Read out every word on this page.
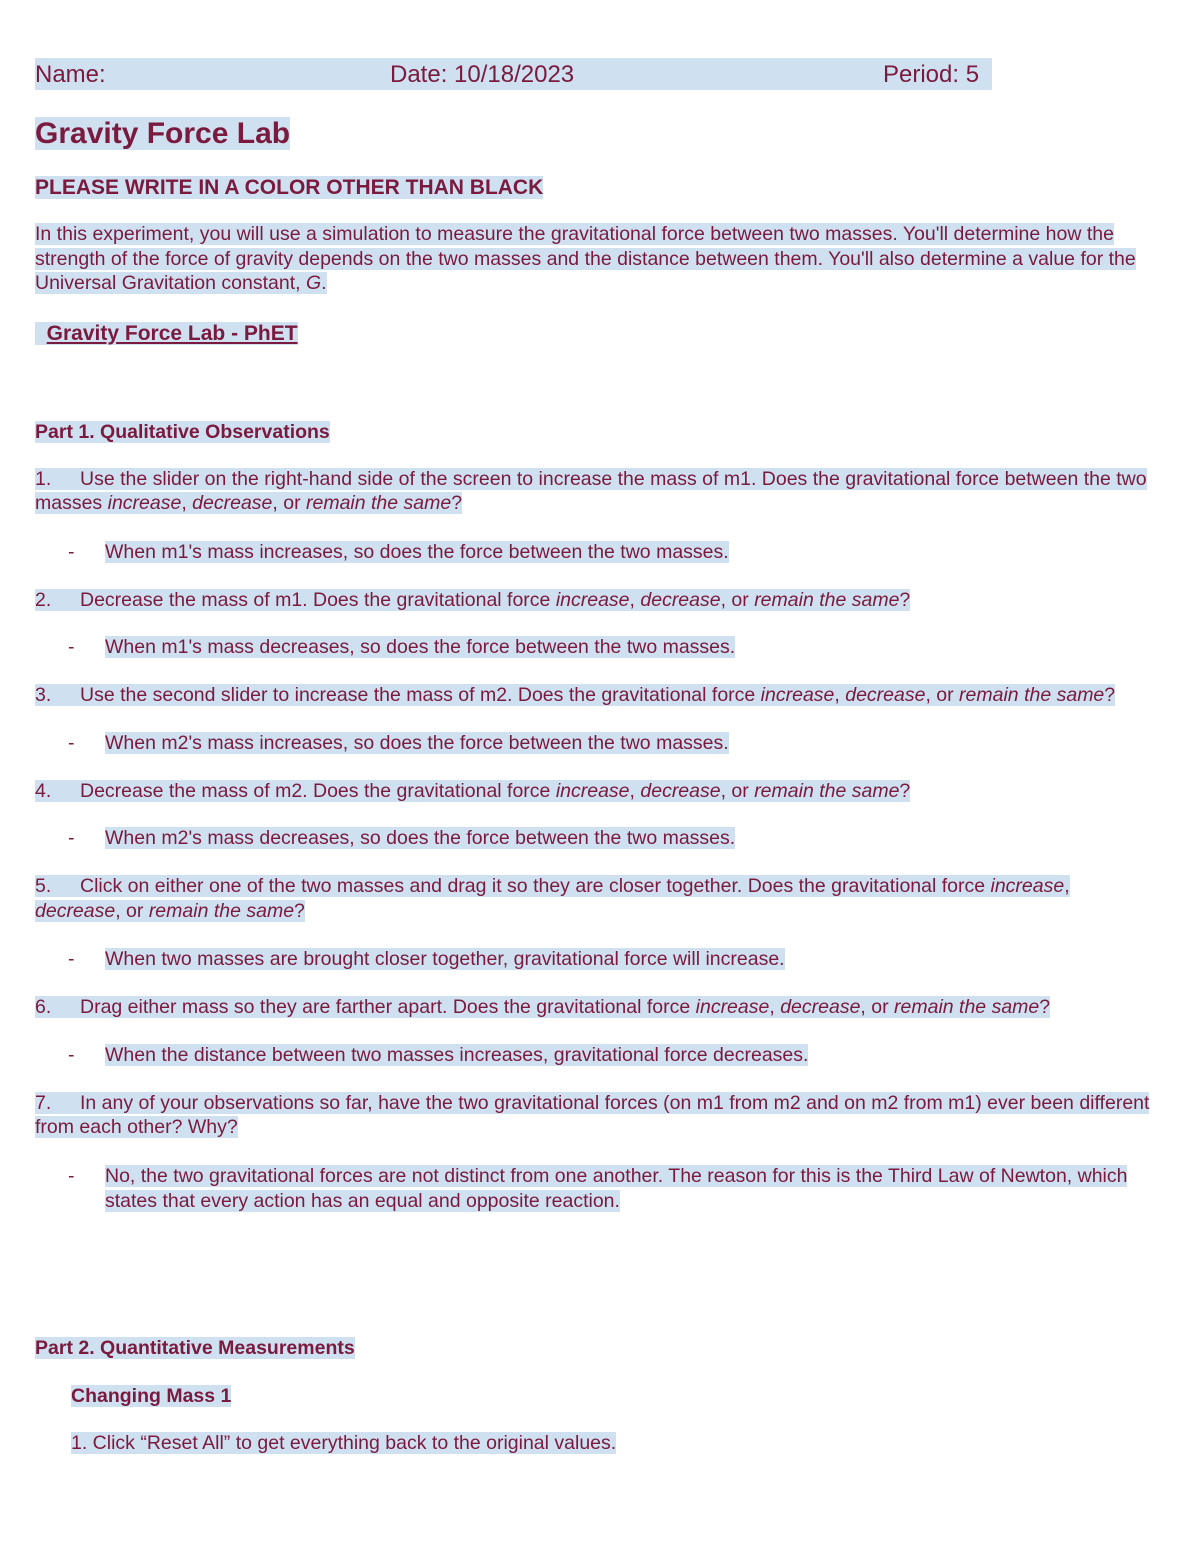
Name:	Date: 10/18/2023	Period: 5
Gravity Force Lab
PLEASE WRITE IN A COLOR OTHER THAN BLACK
In this experiment, you will use a simulation to measure the gravitational force between two masses. You'll determine how the strength of the force of gravity depends on the two masses and the distance between them. You'll also determine a value for the Universal Gravitation constant, G.
Gravity Force Lab - PhET
Part 1. Qualitative Observations
1. Use the slider on the right-hand side of the screen to increase the mass of m1. Does the gravitational force between the two masses increase, decrease, or remain the same?
- When m1's mass increases, so does the force between the two masses.
2. Decrease the mass of m1. Does the gravitational force increase, decrease, or remain the same?
- When m1's mass decreases, so does the force between the two masses.
3. Use the second slider to increase the mass of m2. Does the gravitational force increase, decrease, or remain the same?
- When m2's mass increases, so does the force between the two masses.
4. Decrease the mass of m2. Does the gravitational force increase, decrease, or remain the same?
- When m2's mass decreases, so does the force between the two masses.
5. Click on either one of the two masses and drag it so they are closer together. Does the gravitational force increase, decrease, or remain the same?
- When two masses are brought closer together, gravitational force will increase.
6. Drag either mass so they are farther apart. Does the gravitational force increase, decrease, or remain the same?
- When the distance between two masses increases, gravitational force decreases.
7. In any of your observations so far, have the two gravitational forces (on m1 from m2 and on m2 from m1) ever been different from each other? Why?
- No, the two gravitational forces are not distinct from one another. The reason for this is the Third Law of Newton, which states that every action has an equal and opposite reaction.
Part 2. Quantitative Measurements
Changing Mass 1
1. Click “Reset All” to get everything back to the original values.
